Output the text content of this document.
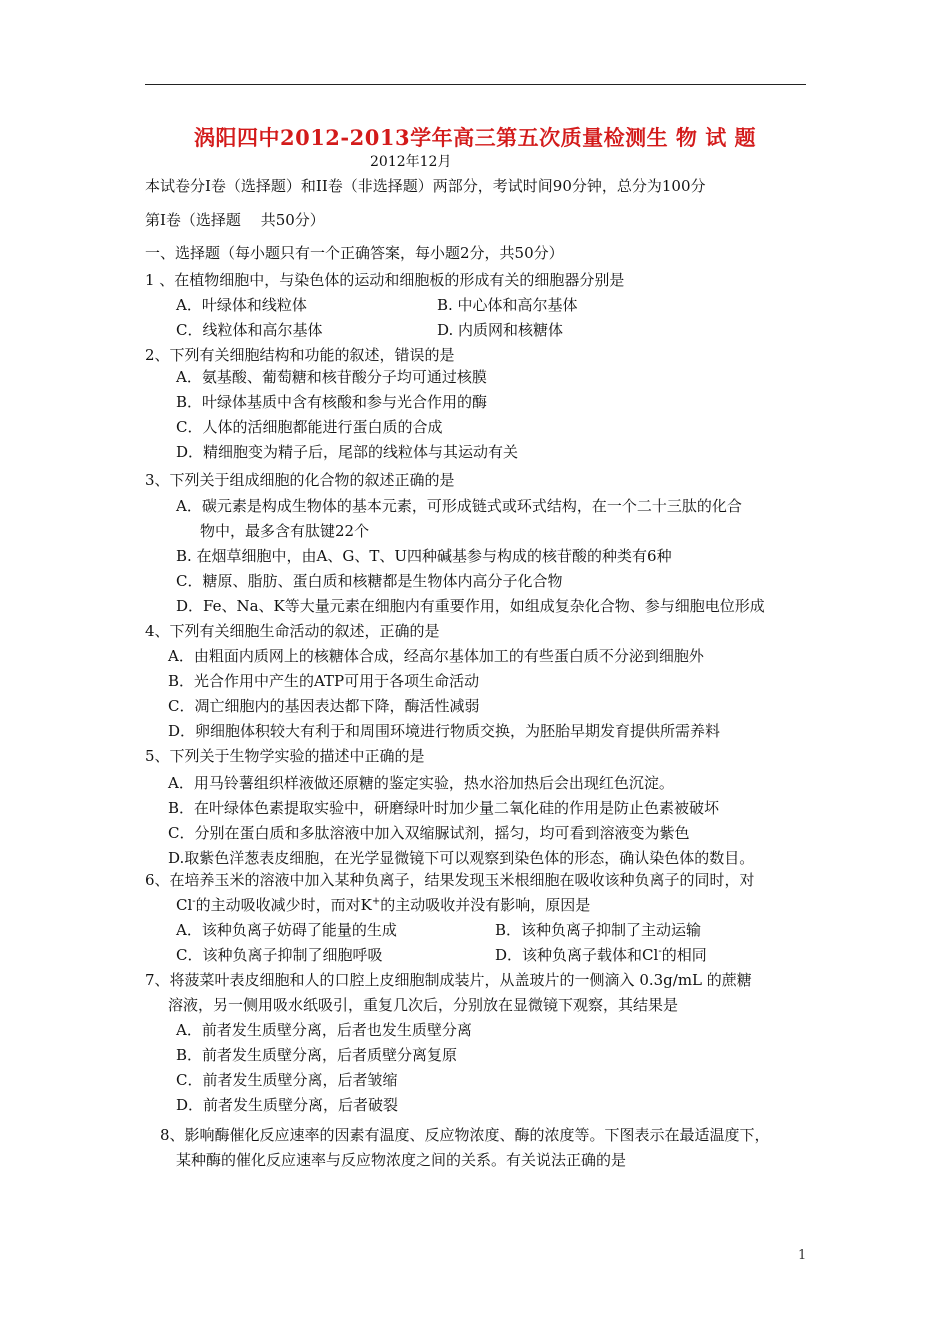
涡阳四中2012-2013学年高三第五次质量检测生 物 试 题
2012年12月
本试卷分Ⅰ卷（选择题）和II卷（非选择题）两部分，考试时间90分钟，总分为100分
第Ⅰ卷（选择题　 共50分）
一、选择题（每小题只有一个正确答案，每小题2分，共50分）
1 、在植物细胞中，与染色体的运动和细胞板的形成有关的细胞器分别是
A．叶绿体和线粒体	B. 中心体和高尔基体
C．线粒体和高尔基体	D. 内质网和核糖体
2、下列有关细胞结构和功能的叙述，错误的是
A．氨基酸、葡萄糖和核苷酸分子均可通过核膜
B．叶绿体基质中含有核酸和参与光合作用的酶
C．人体的活细胞都能进行蛋白质的合成
D．精细胞变为精子后，尾部的线粒体与其运动有关
3、下列关于组成细胞的化合物的叙述正确的是
A．碳元素是构成生物体的基本元素，可形成链式或环式结构，在一个二十三肽的化合
物中，最多含有肽键22个
B. 在烟草细胞中，由A、G、T、U四种碱基参与构成的核苷酸的种类有6种
C．糖原、脂肪、蛋白质和核糖都是生物体内高分子化合物
D．Fe、Na、K等大量元素在细胞内有重要作用，如组成复杂化合物、参与细胞电位形成
4、下列有关细胞生命活动的叙述，正确的是
A．由粗面内质网上的核糖体合成，经高尔基体加工的有些蛋白质不分泌到细胞外
B．光合作用中产生的ATP可用于各项生命活动
C．凋亡细胞内的基因表达都下降，酶活性减弱
D．卵细胞体积较大有利于和周围环境进行物质交换，为胚胎早期发育提供所需养料
5、下列关于生物学实验的描述中正确的是
A．用马铃薯组织样液做还原糖的鉴定实验，热水浴加热后会出现红色沉淀。
B．在叶绿体色素提取实验中，研磨绿叶时加少量二氧化硅的作用是防止色素被破坏
C．分别在蛋白质和多肽溶液中加入双缩脲试剂，摇匀，均可看到溶液变为紫色
D.取紫色洋葱表皮细胞，在光学显微镜下可以观察到染色体的形态，确认染色体的数目。
6、在培养玉米的溶液中加入某种负离子，结果发现玉米根细胞在吸收该种负离子的同时，对
Cl-的主动吸收减少时，而对K+的主动吸收并没有影响，原因是
A．该种负离子妨碍了能量的生成	B．该种负离子抑制了主动运输
C．该种负离子抑制了细胞呼吸	D．该种负离子载体和Cl-的相同
7、将菠菜叶表皮细胞和人的口腔上皮细胞制成装片，从盖玻片的一侧滴入 0.3g/mL 的蔗糖
溶液，另一侧用吸水纸吸引，重复几次后，分别放在显微镜下观察，其结果是
A．前者发生质壁分离，后者也发生质壁分离
B．前者发生质壁分离，后者质壁分离复原
C．前者发生质壁分离，后者皱缩
D．前者发生质壁分离，后者破裂
8、影响酶催化反应速率的因素有温度、反应物浓度、酶的浓度等。下图表示在最适温度下，
某种酶的催化反应速率与反应物浓度之间的关系。有关说法正确的是
1
